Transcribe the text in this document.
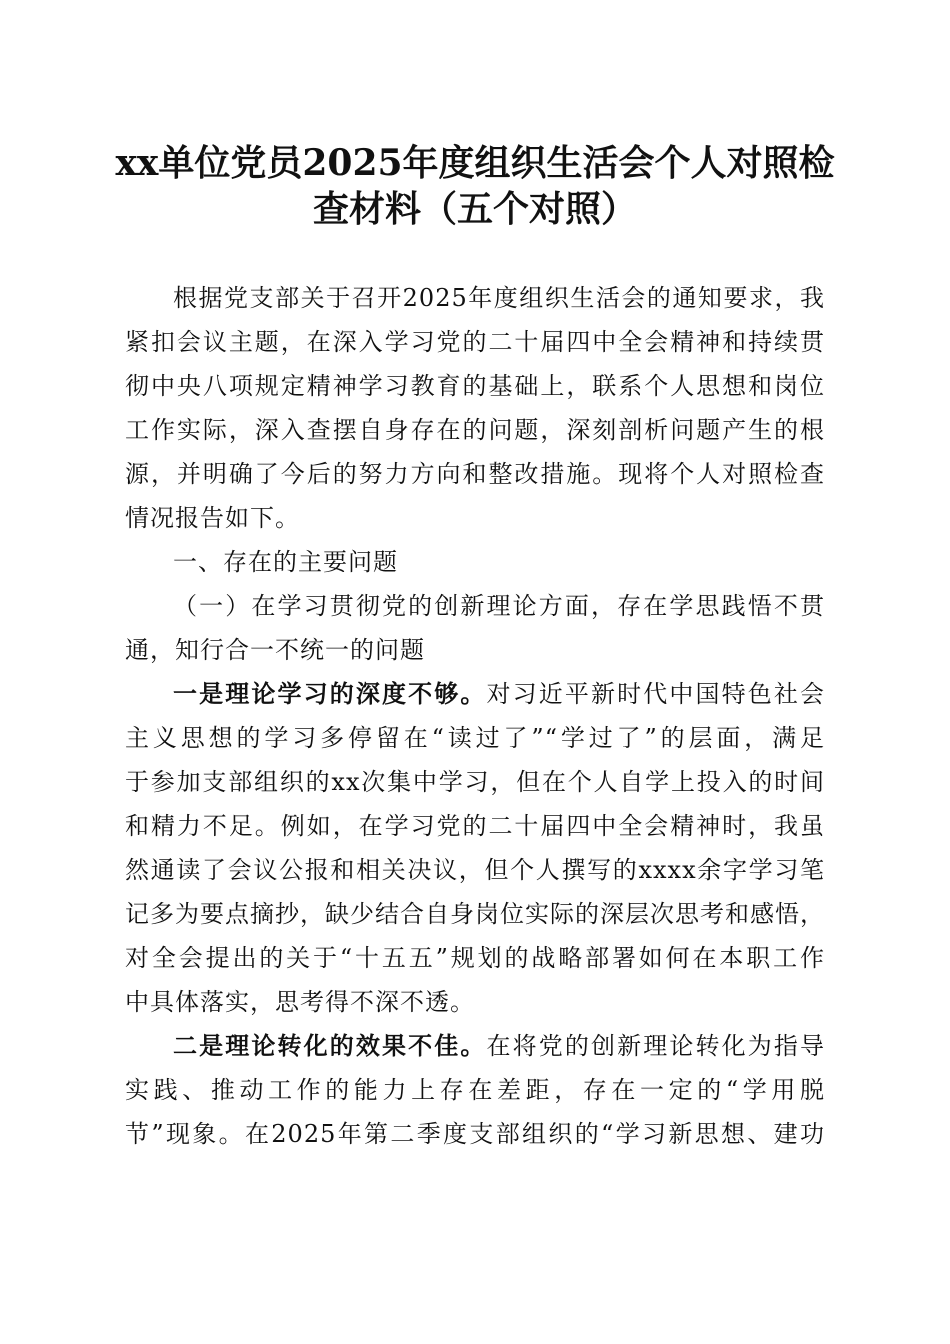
xx单位党员2025年度组织生活会个人对照检
查材料（五个对照）
根据党支部关于召开2025年度组织生活会的通知要求，我
紧扣会议主题，在深入学习党的二十届四中全会精神和持续贯
彻中央八项规定精神学习教育的基础上，联系个人思想和岗位
工作实际，深入查摆自身存在的问题，深刻剖析问题产生的根
源，并明确了今后的努力方向和整改措施。现将个人对照检查
情况报告如下。
一、存在的主要问题
（一）在学习贯彻党的创新理论方面，存在学思践悟不贯
通，知行合一不统一的问题
一是理论学习的深度不够。对习近平新时代中国特色社会
主义思想的学习多停留在“读过了”“学过了”的层面，满足
于参加支部组织的xx次集中学习，但在个人自学上投入的时间
和精力不足。例如，在学习党的二十届四中全会精神时，我虽
然通读了会议公报和相关决议，但个人撰写的xxxx余字学习笔
记多为要点摘抄，缺少结合自身岗位实际的深层次思考和感悟，
对全会提出的关于“十五五”规划的战略部署如何在本职工作
中具体落实，思考得不深不透。
二是理论转化的效果不佳。在将党的创新理论转化为指导
实践、推动工作的能力上存在差距，存在一定的“学用脱
节”现象。在2025年第二季度支部组织的“学习新思想、建功
